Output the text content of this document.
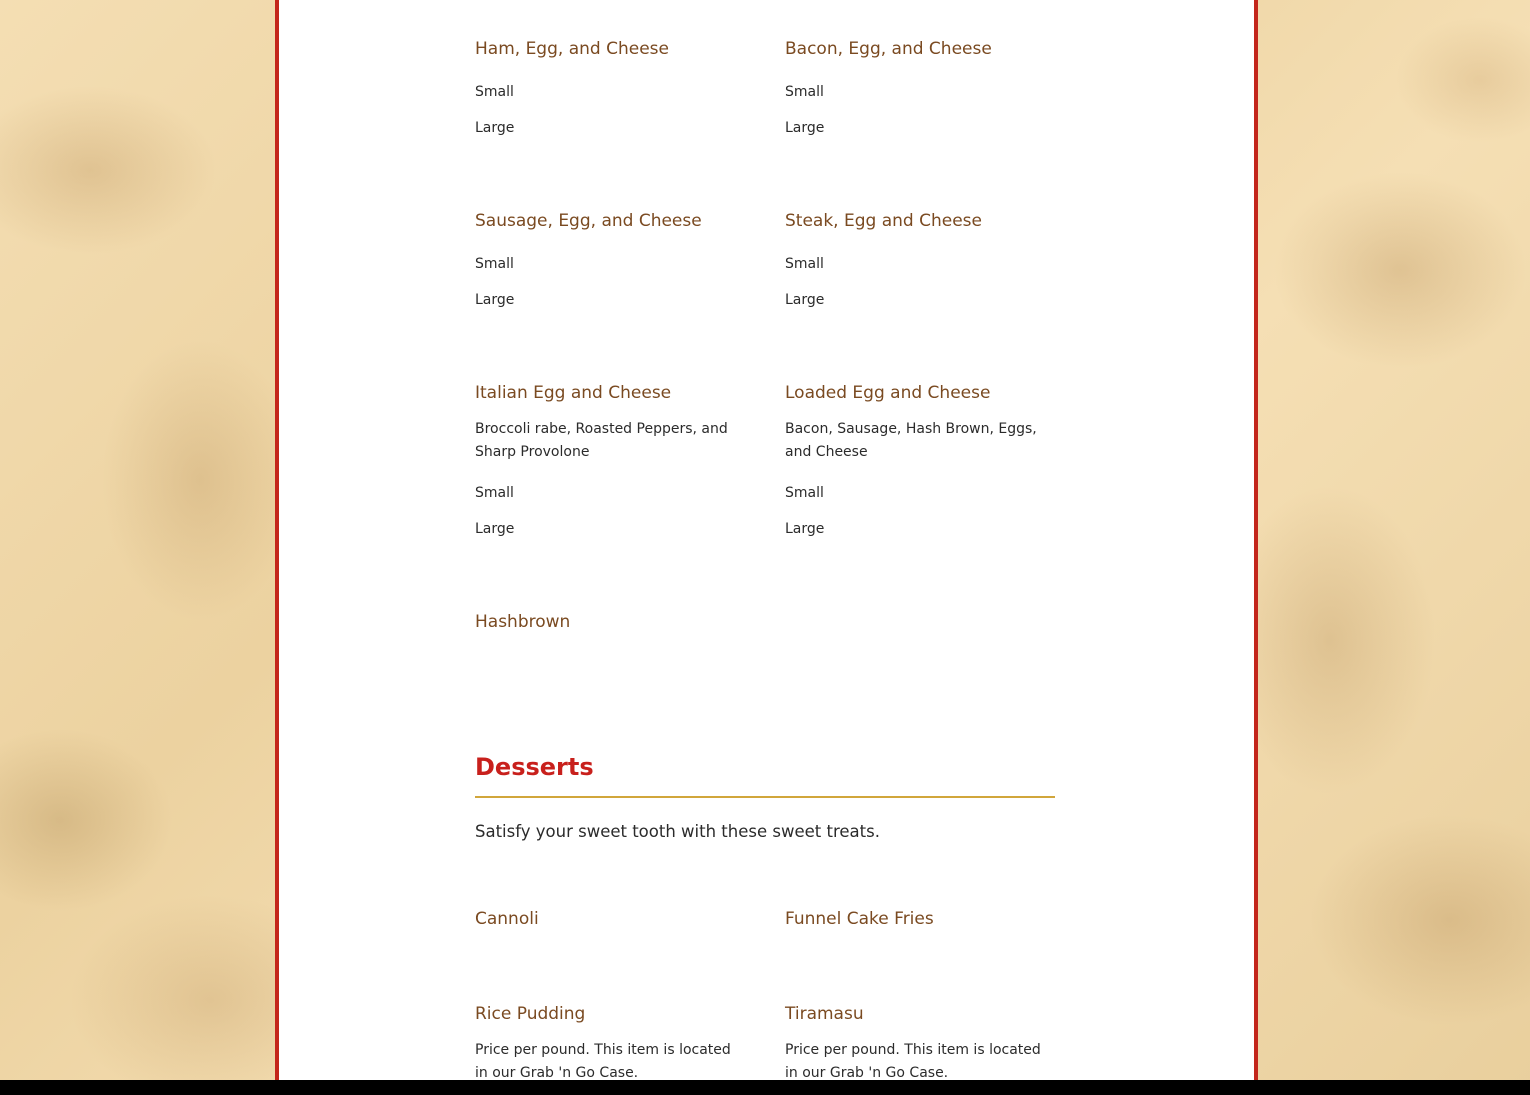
Ham, Egg, and Cheese
Small
Large
Bacon, Egg, and Cheese
Small
Large
Sausage, Egg, and Cheese
Small
Large
Steak, Egg and Cheese
Small
Large
Italian Egg and Cheese
Broccoli rabe, Roasted Peppers, and Sharp Provolone
Small
Large
Loaded Egg and Cheese
Bacon, Sausage, Hash Brown, Eggs, and Cheese
Small
Large
Hashbrown
Desserts
Satisfy your sweet tooth with these sweet treats.
Cannoli	Funnel Cake Fries
Rice Pudding
Price per pound. This item is located in our Grab 'n Go Case.
Tiramasu
Price per pound. This item is located in our Grab 'n Go Case.
